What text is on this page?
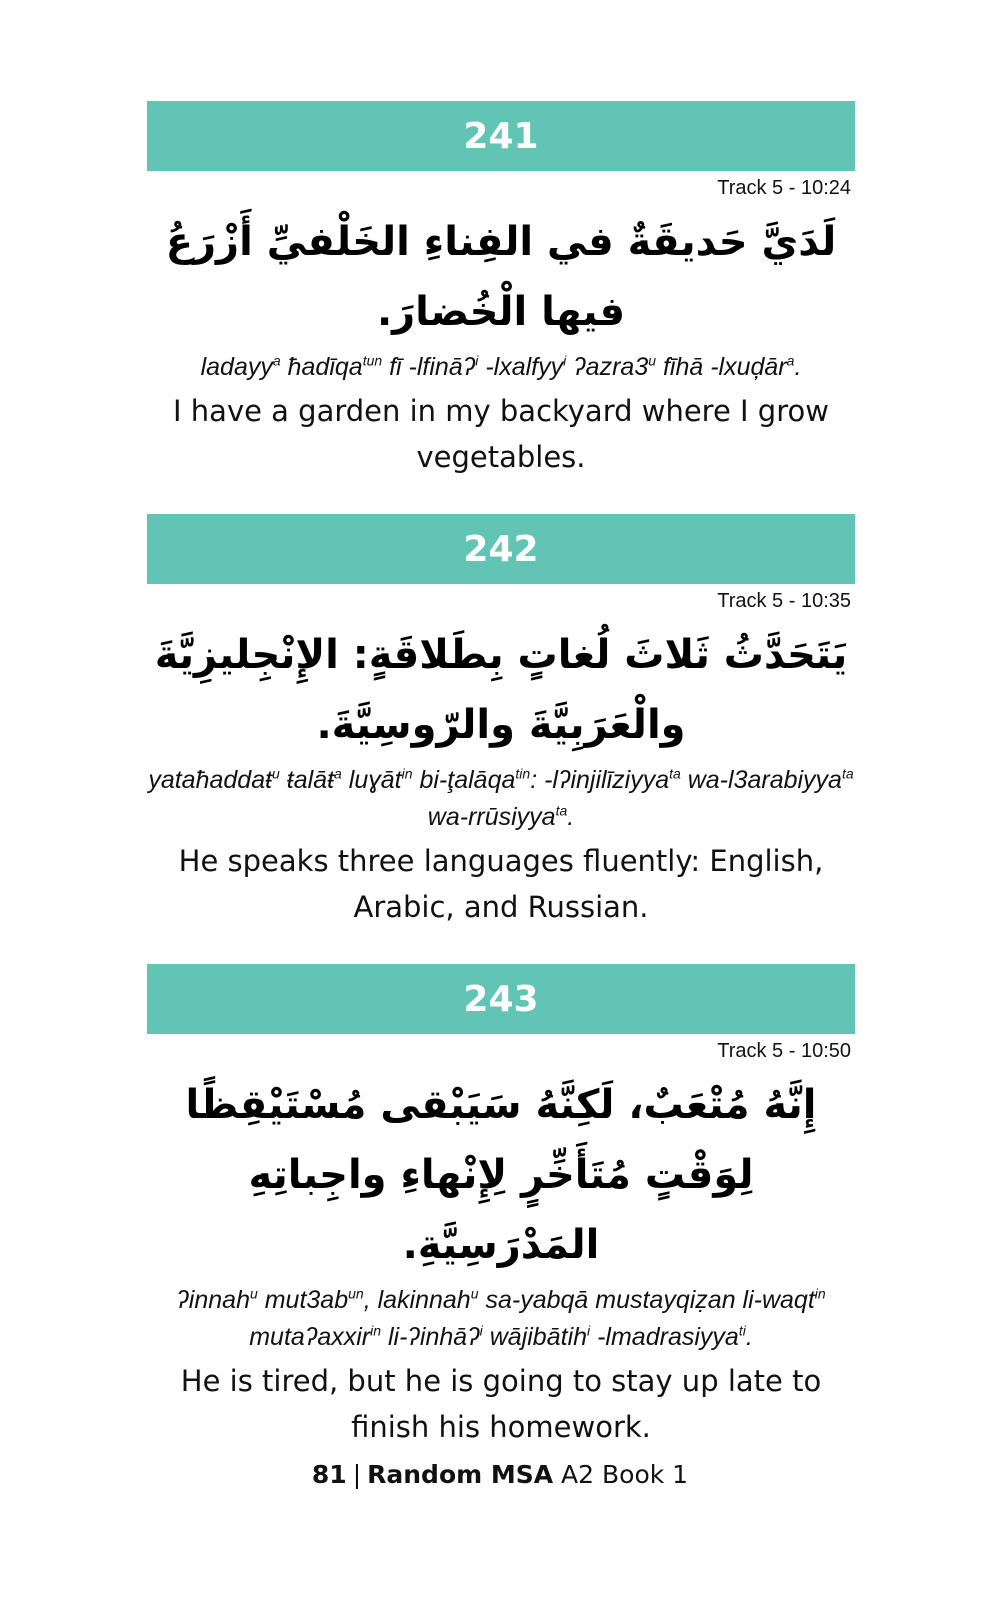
241
Track 5 - 10:24
لَدَيَّ حَديقَةٌ في الفِناءِ الخَلْفيِّ أَزْرَعُ فيها الْخُضارَ.
ladayy$^a$ ħadīqa$^{tun}$ fī -lfināʔ$^i$ -lxalfyy$^i$ ʔazra3$^u$ fīhā -lxuḑār$^a$.
I have a garden in my backyard where I grow vegetables.
242
Track 5 - 10:35
يَتَحَدَّثُ ثَلاثَ لُغاتٍ بِطَلاقَةٍ: الإِنْجِليزِيَّةَ والْعَرَبِيَّةَ والرّوسِيَّةَ.
yataħaddaŧ$^u$ ŧalāŧ$^a$ luɣāt$^{in}$ bi-ţalāqa$^{tin}$: -lʔinjilīziyya$^{ta}$ wa-l3arabiyya$^{ta}$ wa-rrūsiyya$^{ta}$.
He speaks three languages fluently: English, Arabic, and Russian.
243
Track 5 - 10:50
إِنَّهُ مُتْعَبٌ، لَكِنَّهُ سَيَبْقى مُسْتَيْقِظًا لِوَقْتٍ مُتَأَخِّرٍ لِإِنْهاءِ واجِباتِهِ المَدْرَسِيَّةِ.
ʔinnah$^u$ $mut3ab^{un}$, lakinnah$^u$ sa-yabqā mustayqiẓan li-waqt$^{in}$ mutaʔaxxir$^{in}$ li-ʔinhāʔ$^i$ wājibātih$^i$ -lmadrasiyya$^{ti}$.
He is tired, but he is going to stay up late to finish his homework.
81 | Random MSA A2 Book 1
